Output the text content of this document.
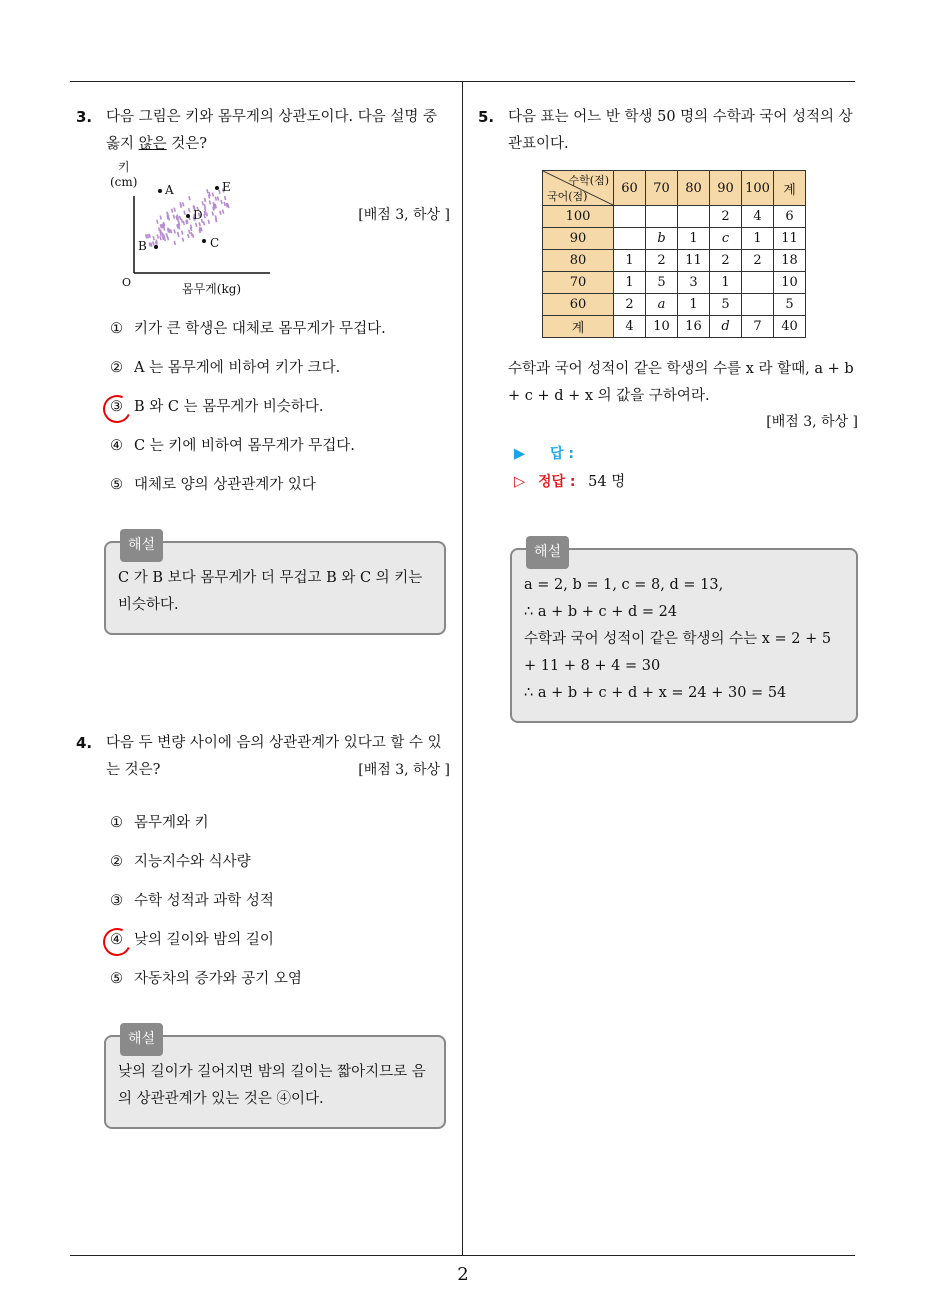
2
3. 다음 그림은 키와 몸무게의 상관도이다. 다음 설명 중 옳지 않은 것은?
키
(cm)
O	몸무게(kg)
A	E
D
B	C
[배점 3, 하상 ]
① 키가 큰 학생은 대체로 몸무게가 무겁다.
② A 는 몸무게에 비하여 키가 크다.
③ B 와 C 는 몸무게가 비슷하다.
④ C 는 키에 비하여 몸무게가 무겁다.
⑤ 대체로 양의 상관관계가 있다
해설
C 가 B 보다 몸무게가 더 무겁고 B 와 C 의 키는 비슷하다.
4. 다음 두 변량 사이에 음의 상관관계가 있다고 할 수 있는 것은?	[배점 3, 하상 ]
① 몸무게와 키
② 지능지수와 식사량
③ 수학 성적과 과학 성적
④ 낮의 길이와 밤의 길이
⑤ 자동차의 증가와 공기 오염
해설
낮의 길이가 길어지면 밤의 길이는 짧아지므로 음의 상관관계가 있는 것은 ④이다.
5. 다음 표는 어느 반 학생 50 명의 수학과 국어 성적의 상관표이다.
수학(점)
국어(점)	60	70	80	90	100	계
100				2	4	6
90		b	1	c	1	11
80	1	2	11	2	2	18
70	1	5	3	1		10
60	2	a	1	5		5
계	4	10	16	d	7	40
수학과 국어 성적이 같은 학생의 수를 x 라 할때, a + b + c + d + x 의 값을 구하여라.
[배점 3, 하상 ]
▶ 답 :
▷ 정답 : 54 명
해설
a = 2, b = 1, c = 8, d = 13,
∴ a + b + c + d = 24
수학과 국어 성적이 같은 학생의 수는 x = 2 + 5 + 11 + 8 + 4 = 30
∴ a + b + c + d + x = 24 + 30 = 54
